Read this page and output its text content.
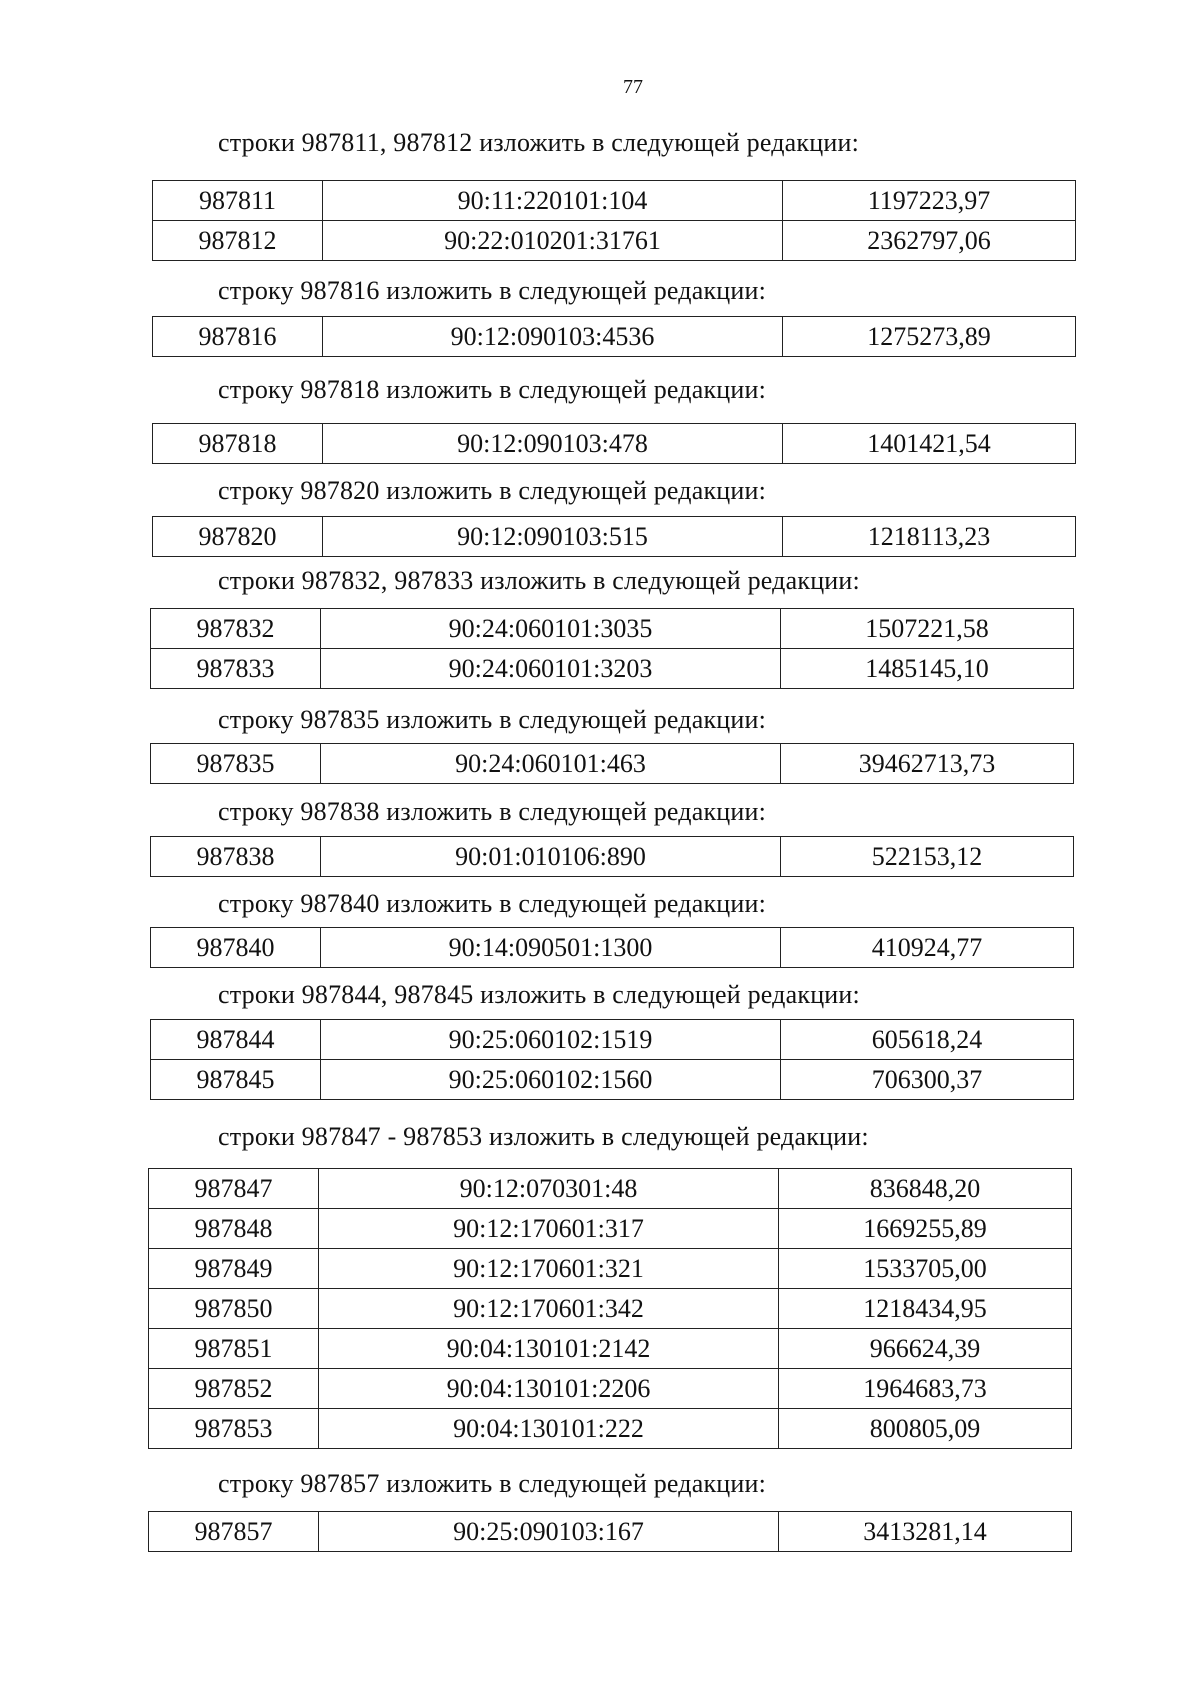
77
строки 987811, 987812 изложить в следующей редакции:
987811	90:11:220101:104	1197223,97
987812	90:22:010201:31761	2362797,06
строку 987816 изложить в следующей редакции:
987816	90:12:090103:4536	1275273,89
строку 987818 изложить в следующей редакции:
987818	90:12:090103:478	1401421,54
строку 987820 изложить в следующей редакции:
987820	90:12:090103:515	1218113,23
строки 987832, 987833 изложить в следующей редакции:
987832	90:24:060101:3035	1507221,58
987833	90:24:060101:3203	1485145,10
строку 987835 изложить в следующей редакции:
987835	90:24:060101:463	39462713,73
строку 987838 изложить в следующей редакции:
987838	90:01:010106:890	522153,12
строку 987840 изложить в следующей редакции:
987840	90:14:090501:1300	410924,77
строки 987844, 987845 изложить в следующей редакции:
987844	90:25:060102:1519	605618,24
987845	90:25:060102:1560	706300,37
строки 987847 - 987853 изложить в следующей редакции:
987847	90:12:070301:48	836848,20
987848	90:12:170601:317	1669255,89
987849	90:12:170601:321	1533705,00
987850	90:12:170601:342	1218434,95
987851	90:04:130101:2142	966624,39
987852	90:04:130101:2206	1964683,73
987853	90:04:130101:222	800805,09
строку 987857 изложить в следующей редакции:
987857	90:25:090103:167	3413281,14
